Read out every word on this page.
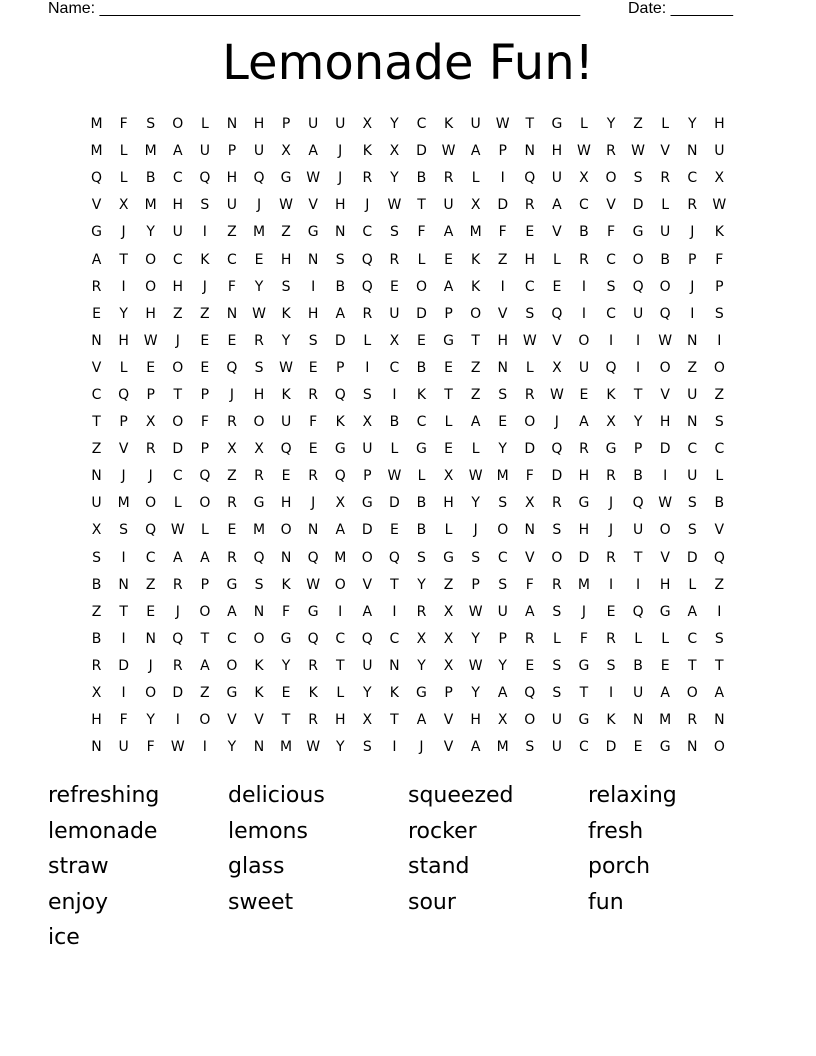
Name: ______________________________________________________	Date: _______
Lemonade Fun!
M	F	S	O	L	N	H	P	U	U	X	Y	C	K	U	W	T	G	L	Y	Z	L	Y	H
M	L	M	A	U	P	U	X	A	J	K	X	D	W	A	P	N	H	W	R	W	V	N	U
Q	L	B	C	Q	H	Q	G	W	J	R	Y	B	R	L	I	Q	U	X	O	S	R	C	X
V	X	M	H	S	U	J	W	V	H	J	W	T	U	X	D	R	A	C	V	D	L	R	W
G	J	Y	U	I	Z	M	Z	G	N	C	S	F	A	M	F	E	V	B	F	G	U	J	K
A	T	O	C	K	C	E	H	N	S	Q	R	L	E	K	Z	H	L	R	C	O	B	P	F
R	I	O	H	J	F	Y	S	I	B	Q	E	O	A	K	I	C	E	I	S	Q	O	J	P
E	Y	H	Z	Z	N	W	K	H	A	R	U	D	P	O	V	S	Q	I	C	U	Q	I	S
N	H	W	J	E	E	R	Y	S	D	L	X	E	G	T	H	W	V	O	I	I	W	N	I
V	L	E	O	E	Q	S	W	E	P	I	C	B	E	Z	N	L	X	U	Q	I	O	Z	O
C	Q	P	T	P	J	H	K	R	Q	S	I	K	T	Z	S	R	W	E	K	T	V	U	Z
T	P	X	O	F	R	O	U	F	K	X	B	C	L	A	E	O	J	A	X	Y	H	N	S
Z	V	R	D	P	X	X	Q	E	G	U	L	G	E	L	Y	D	Q	R	G	P	D	C	C
N	J	J	C	Q	Z	R	E	R	Q	P	W	L	X	W	M	F	D	H	R	B	I	U	L
U	M	O	L	O	R	G	H	J	X	G	D	B	H	Y	S	X	R	G	J	Q	W	S	B
X	S	Q	W	L	E	M	O	N	A	D	E	B	L	J	O	N	S	H	J	U	O	S	V
S	I	C	A	A	R	Q	N	Q	M	O	Q	S	G	S	C	V	O	D	R	T	V	D	Q
B	N	Z	R	P	G	S	K	W	O	V	T	Y	Z	P	S	F	R	M	I	I	H	L	Z
Z	T	E	J	O	A	N	F	G	I	A	I	R	X	W	U	A	S	J	E	Q	G	A	I
B	I	N	Q	T	C	O	G	Q	C	Q	C	X	X	Y	P	R	L	F	R	L	L	C	S
R	D	J	R	A	O	K	Y	R	T	U	N	Y	X	W	Y	E	S	G	S	B	E	T	T
X	I	O	D	Z	G	K	E	K	L	Y	K	G	P	Y	A	Q	S	T	I	U	A	O	A
H	F	Y	I	O	V	V	T	R	H	X	T	A	V	H	X	O	U	G	K	N	M	R	N
N	U	F	W	I	Y	N	M	W	Y	S	I	J	V	A	M	S	U	C	D	E	G	N	O
refreshing	delicious	squeezed	relaxing
lemonade	lemons	rocker	fresh
straw	glass	stand	porch
enjoy	sweet	sour	fun
ice
